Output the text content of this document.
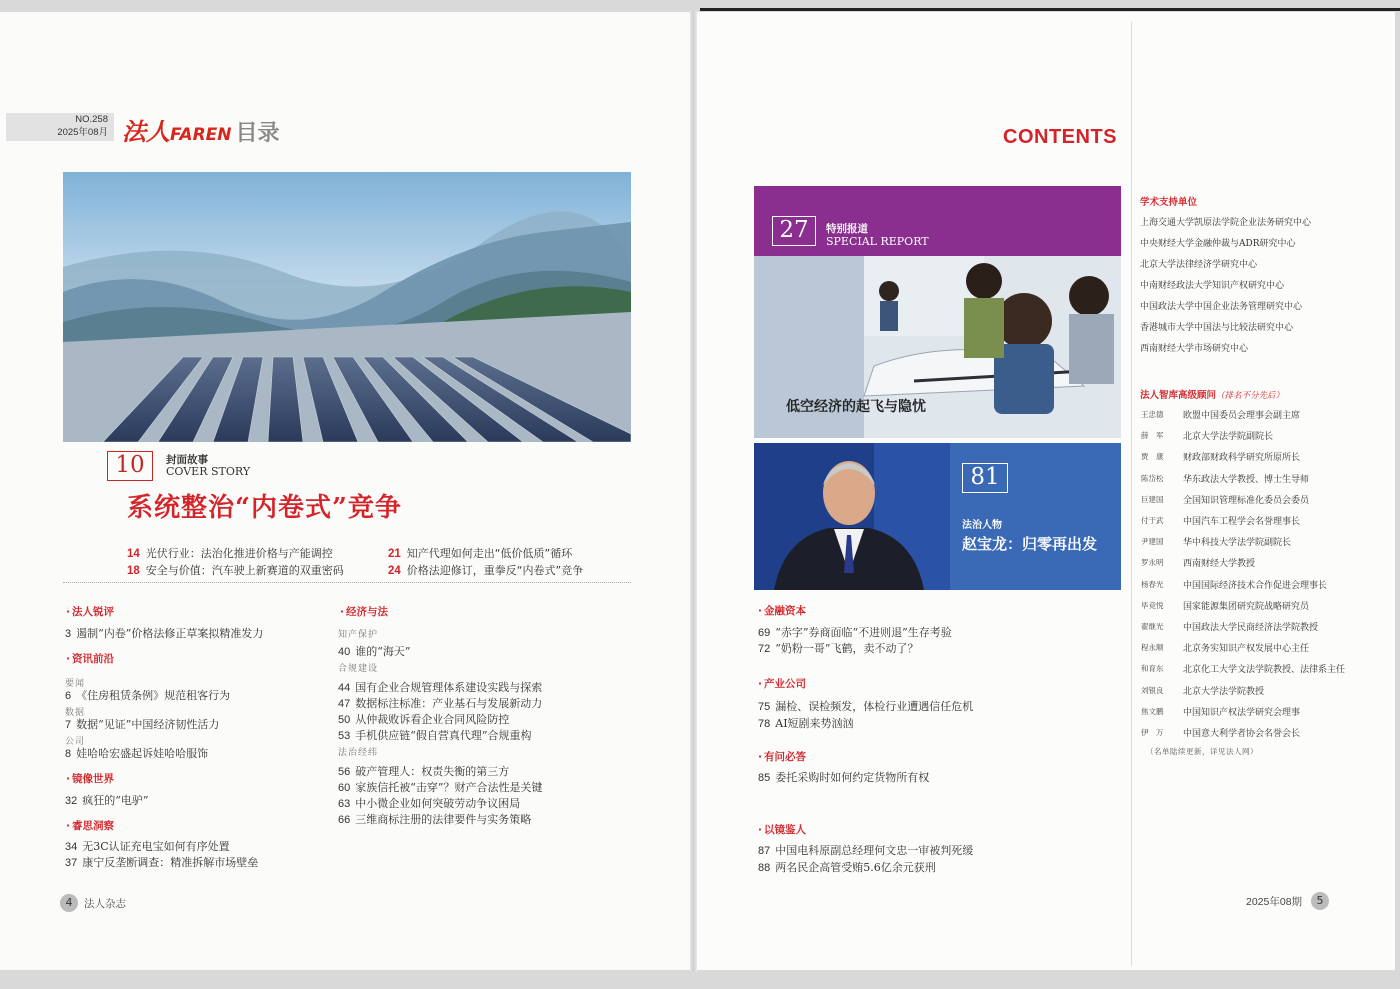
NO.258
2025年08月 法人FAREN 目录
10	封面故事
COVER STORY
系统整治“内卷式”竞争
14 光伏行业：法治化推进价格与产能调控
18 安全与价值：汽车驶上新赛道的双重密码
21 知产代理如何走出“低价低质”循环
24 价格法迎修订，重拳反“内卷式”竞争
· 法人锐评
3 遏制“内卷”价格法修正草案拟精准发力
· 资讯前沿
要闻
6 《住房租赁条例》规范租客行为
数据
7 数据“见证”中国经济韧性活力
公司
8 娃哈哈宏盛起诉娃哈哈服饰
· 镜像世界
32 疯狂的“电驴”
· 睿思洞察
34 无3C认证充电宝如何有序处置
37 康宁反垄断调查：精准拆解市场壁垒
· 经济与法
知产保护
40 谁的“海天”
合规建设
44 国有企业合规管理体系建设实践与探索
47 数据标注标准：产业基石与发展新动力
50 从仲裁败诉看企业合同风险防控
53 手机供应链“假自营真代理”合规重构
法治经纬
56 破产管理人：权责失衡的第三方
60 家族信托被“击穿”？财产合法性是关键
63 中小微企业如何突破劳动争议困局
66 三维商标注册的法律要件与实务策略
4	法人杂志
CONTENTS
27	特别报道
SPECIAL REPORT
低空经济的起飞与隐忧
81
法治人物
赵宝龙：归零再出发
· 金融资本
69 “赤字”券商面临“不进则退”生存考验
72 “奶粉一哥”飞鹤，卖不动了？
· 产业公司
75 漏检、误检频发，体检行业遭遇信任危机
78 AI短剧来势汹汹
· 有问必答
85 委托采购时如何约定货物所有权
· 以镜鉴人
87 中国电科原副总经理何文忠一审被判死缓
88 两名民企高管受贿5.6亿余元获刑
学术支持单位
上海交通大学凯原法学院企业法务研究中心
中央财经大学金融仲裁与ADR研究中心
北京大学法律经济学研究中心
中南财经政法大学知识产权研究中心
中国政法大学中国企业法务管理研究中心
香港城市大学中国法与比较法研究中心
西南财经大学市场研究中心
法人智库高级顾问（排名不分先后）
王忠德 欧盟中国委员会理事会副主席
薛　军 北京大学法学院副院长
贾　康 财政部财政科学研究所原所长
陈岱松 华东政法大学教授、博士生导师
巨建国 全国知识管理标准化委员会委员
付于武 中国汽车工程学会名誉理事长
尹建国 华中科技大学法学院副院长
罗永明 西南财经大学教授
杨春光 中国国际经济技术合作促进会理事长
毕竞悦 国家能源集团研究院战略研究员
翟继光 中国政法大学民商经济法学院教授
程永顺 北京务实知识产权发展中心主任
和育东 北京化工大学文法学院教授、法律系主任
刘银良 北京大学法学院教授
焦文鹏 中国知识产权法学研究会理事
伊　万 中国意大利学者协会名誉会长
（名单陆续更新，详见法人网）
2025年08期	5
